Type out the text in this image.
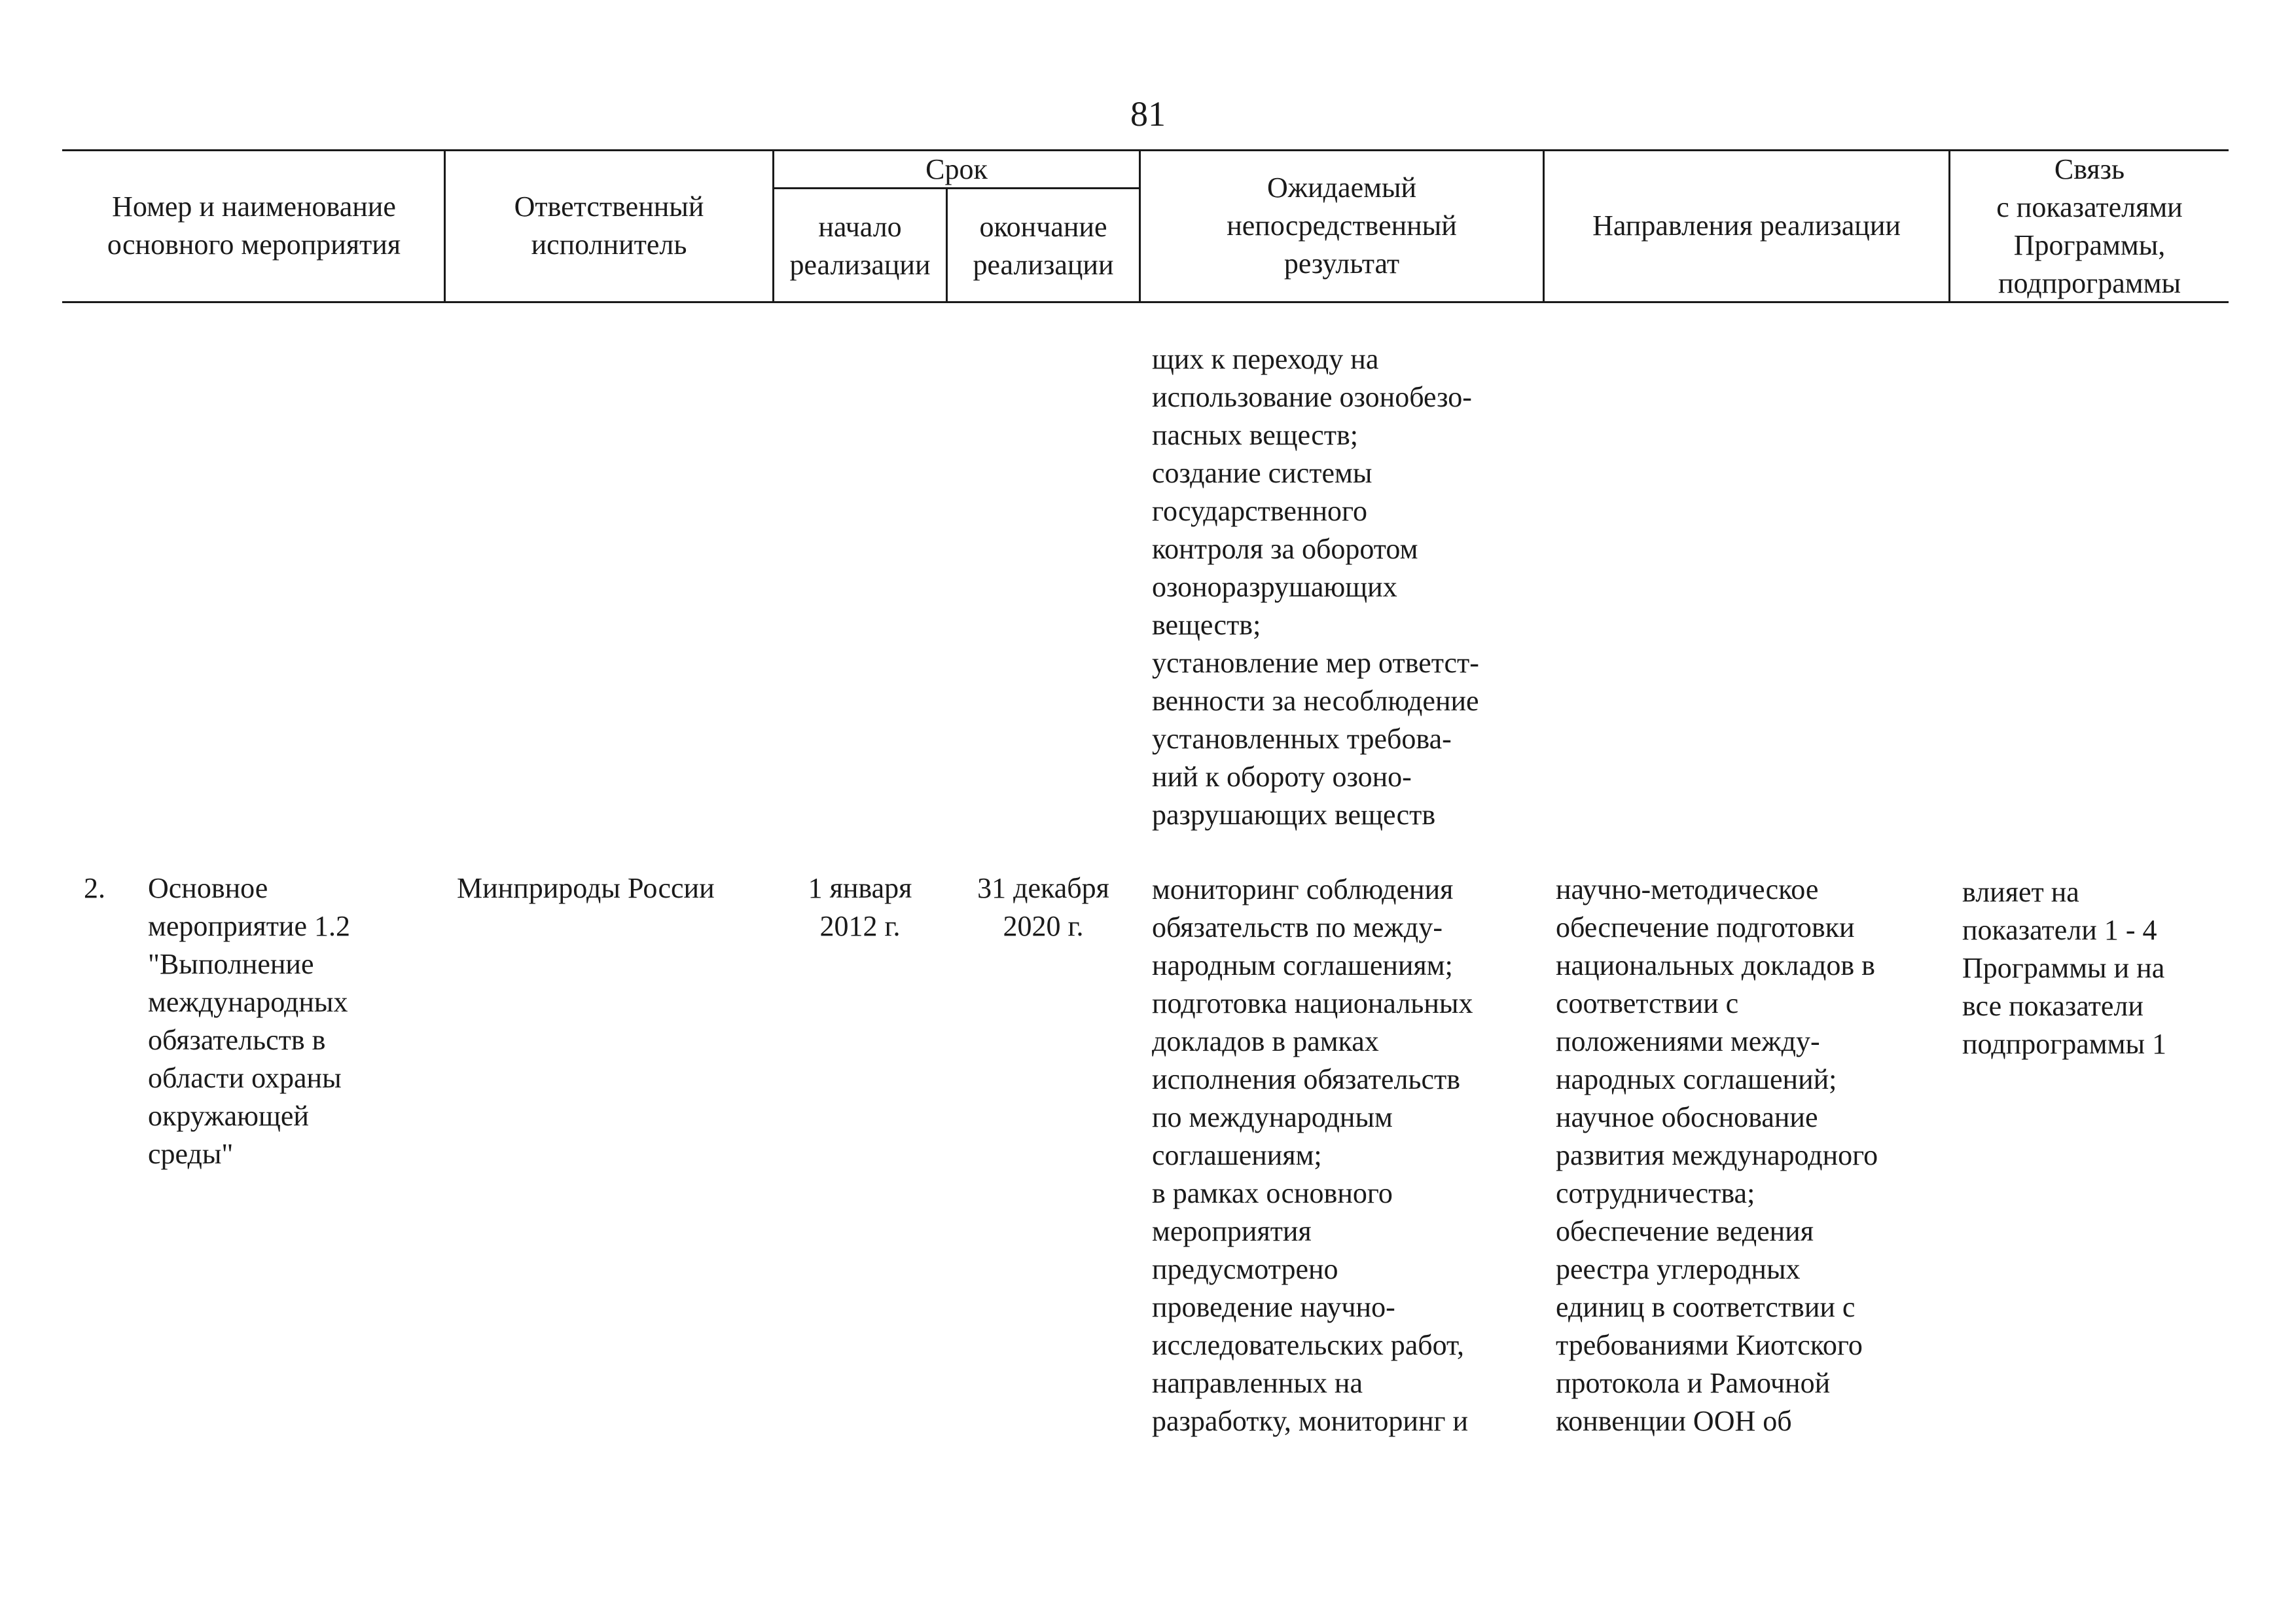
81
Номер и наименование
основного мероприятия
Ответственный
исполнитель
Срок
начало
реализации
окончание
реализации
Ожидаемый
непосредственный
результат
Направления реализации
Связь
с показателями
Программы,
подпрограммы
щих к переходу на
использование озонобезо-
пасных веществ;
создание системы
государственного
контроля за оборотом
озоноразрушающих
веществ;
установление мер ответст-
венности за несоблюдение
установленных требова-
ний к обороту озоно-
разрушающих веществ
2. Основное
мероприятие 1.2
"Выполнение
международных
обязательств в
области охраны
окружающей
среды"
Минприроды России	1 января
2012 г.
31 декабря
2020 г.
мониторинг соблюдения
обязательств по между-
народным соглашениям;
подготовка национальных
докладов в рамках
исполнения обязательств
по международным
соглашениям;
в рамках основного
мероприятия
предусмотрено
проведение научно-
исследовательских работ,
направленных на
разработку, мониторинг и
научно-методическое
обеспечение подготовки
национальных докладов в
соответствии с
положениями между-
народных соглашений;
научное обоснование
развития международного
сотрудничества;
обеспечение ведения
реестра углеродных
единиц в соответствии с
требованиями Киотского
протокола и Рамочной
конвенции ООН об
влияет на
показатели 1 - 4
Программы и на
все показатели
подпрограммы 1
